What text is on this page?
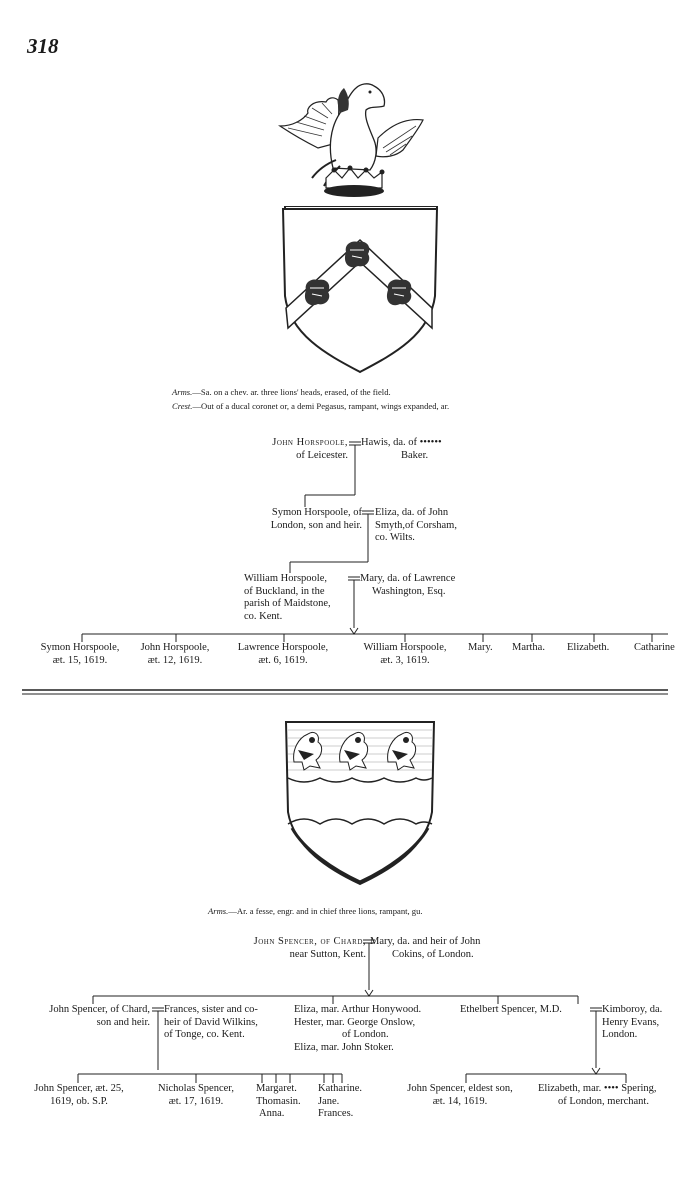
318
Arms.—Sa. on a chev. ar. three lions' heads, erased, of the field.
Crest.—Out of a ducal coronet or, a demi Pegasus, rampant, wings expanded, ar.
John Horspoole,
of Leicester.
Hawis, da. of ••••••
Baker.
Symon Horspoole, of
London, son and heir.
Eliza, da. of John
Smyth,of Corsham,
co. Wilts.
William Horspoole,
of Buckland, in the
parish of Maidstone,
co. Kent.
Mary, da. of Lawrence
Washington, Esq.
Symon Horspoole,
æt. 15, 1619.
John Horspoole,
æt. 12, 1619.
Lawrence Horspoole,
æt. 6, 1619.
William Horspoole,
æt. 3, 1619.
Mary. Martha. Elizabeth. Catharine
Arms.—Ar. a fesse, engr. and in chief three lions, rampant, gu.
John Spencer, of Chard,
near Sutton, Kent.
Mary, da. and heir of John
Cokins, of London.
John Spencer, of Chard,
son and heir.
Frances, sister and co-
heir of David Wilkins,
of Tonge, co. Kent.
Eliza, mar. Arthur Honywood.
Hester, mar. George Onslow,
of London.
Eliza, mar. John Stoker.
Ethelbert Spencer, M.D.	Kimboroy, da.
Henry Evans,
London.
John Spencer, æt. 25,
1619, ob. S.P.
Nicholas Spencer,
æt. 17, 1619.
Margaret.
Thomasin.
Anna.
Katharine.
Jane.
Frances.
John Spencer, eldest son,
æt. 14, 1619.
Elizabeth, mar. •••• Spering,
of London, merchant.
